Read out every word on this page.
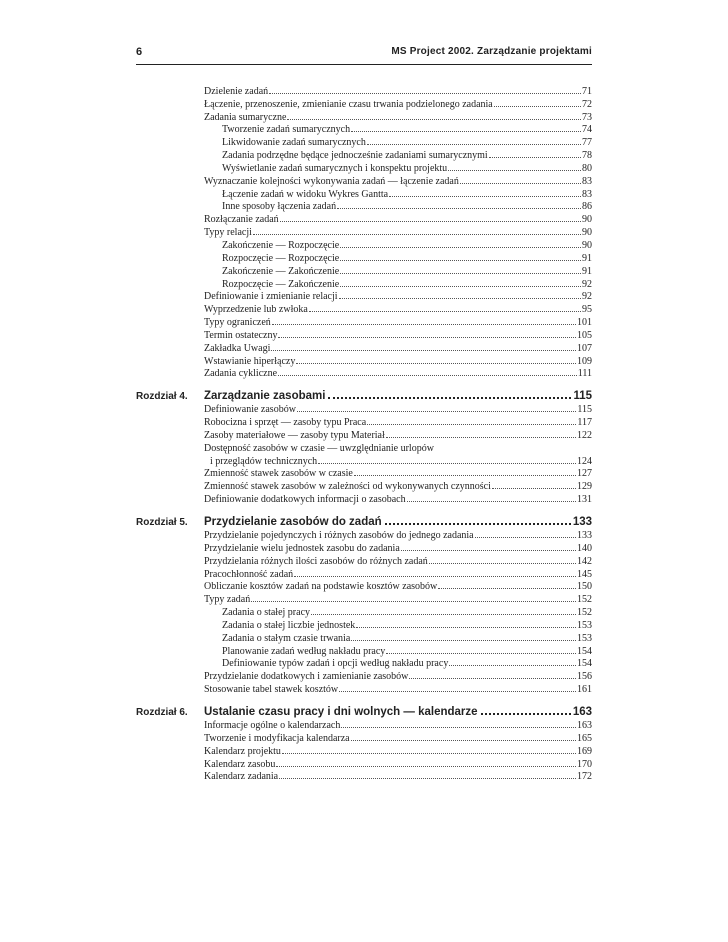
6	MS Project 2002. Zarządzanie projektami
Dzielenie zadań	71
Łączenie, przenoszenie, zmienianie czasu trwania podzielonego zadania	72
Zadania sumaryczne	73
Tworzenie zadań sumarycznych	74
Likwidowanie zadań sumarycznych	77
Zadania podrzędne będące jednocześnie zadaniami sumarycznymi	78
Wyświetlanie zadań sumarycznych i konspektu projektu	80
Wyznaczanie kolejności wykonywania zadań — łączenie zadań	83
Łączenie zadań w widoku Wykres Gantta	83
Inne sposoby łączenia zadań	86
Rozłączanie zadań	90
Typy relacji	90
Zakończenie — Rozpoczęcie	90
Rozpoczęcie — Rozpoczęcie	91
Zakończenie — Zakończenie	91
Rozpoczęcie — Zakończenie	92
Definiowanie i zmienianie relacji	92
Wyprzedzenie lub zwłoka	95
Typy ograniczeń	101
Termin ostateczny	105
Zakładka Uwagi	107
Wstawianie hiperłączy	109
Zadania cykliczne	111
Rozdział 4.	Zarządzanie zasobami	115
Definiowanie zasobów	115
Robocizna i sprzęt — zasoby typu Praca	117
Zasoby materiałowe — zasoby typu Materiał	122
Dostępność zasobów w czasie — uwzględnianie urlopów
i przeglądów technicznych	124
Zmienność stawek zasobów w czasie	127
Zmienność stawek zasobów w zależności od wykonywanych czynności	129
Definiowanie dodatkowych informacji o zasobach	131
Rozdział 5.	Przydzielanie zasobów do zadań	133
Przydzielanie pojedynczych i różnych zasobów do jednego zadania	133
Przydzielanie wielu jednostek zasobu do zadania	140
Przydzielania różnych ilości zasobów do różnych zadań	142
Pracochłonność zadań	145
Obliczanie kosztów zadań na podstawie kosztów zasobów	150
Typy zadań	152
Zadania o stałej pracy	152
Zadania o stałej liczbie jednostek	153
Zadania o stałym czasie trwania	153
Planowanie zadań według nakładu pracy	154
Definiowanie typów zadań i opcji według nakładu pracy	154
Przydzielanie dodatkowych i zamienianie zasobów	156
Stosowanie tabel stawek kosztów	161
Rozdział 6.	Ustalanie czasu pracy i dni wolnych — kalendarze	163
Informacje ogólne o kalendarzach	163
Tworzenie i modyfikacja kalendarza	165
Kalendarz projektu	169
Kalendarz zasobu	170
Kalendarz zadania	172
